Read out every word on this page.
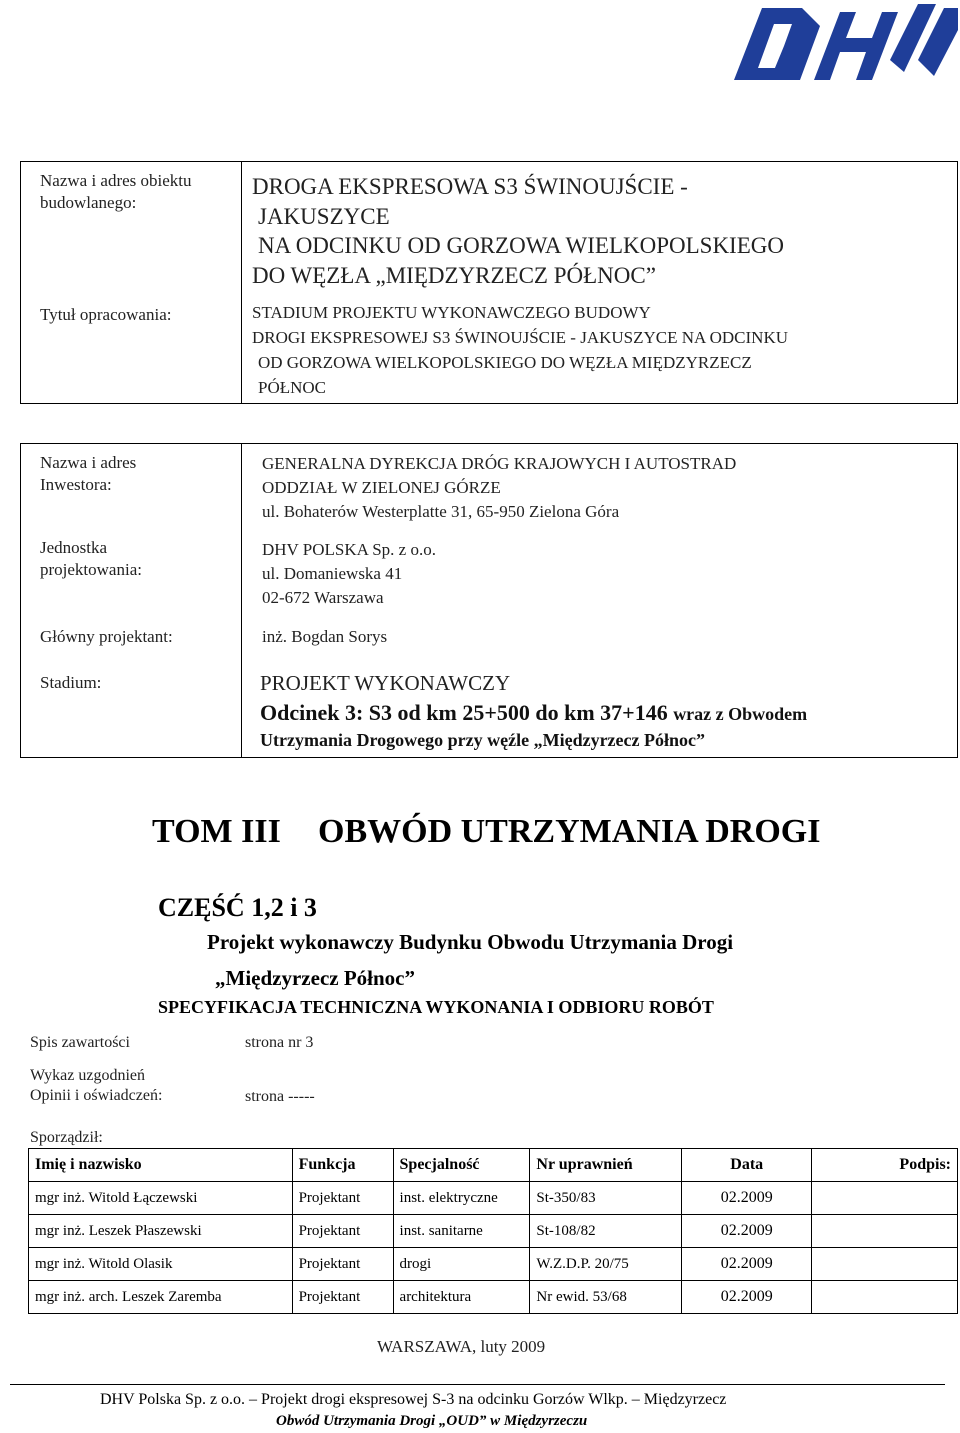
DHV
Nazwa i adres obiektu budowlanego:
DROGA EKSPRESOWA S3 ŚWINOUJŚCIE -
JAKUSZYCE
NA ODCINKU OD GORZOWA WIELKOPOLSKIEGO
DO WĘZŁA „MIĘDZYRZECZ PÓŁNOC”
Tytuł opracowania:	STADIUM PROJEKTU WYKONAWCZEGO BUDOWY
DROGI EKSPRESOWEJ S3 ŚWINOUJŚCIE - JAKUSZYCE NA ODCINKU
OD GORZOWA WIELKOPOLSKIEGO DO WĘZŁA MIĘDZYRZECZ
PÓŁNOC
Nazwa i adres Inwestora:
GENERALNA DYREKCJA DRÓG KRAJOWYCH I AUTOSTRAD
ODDZIAŁ W ZIELONEJ GÓRZE
ul. Bohaterów Westerplatte 31, 65-950 Zielona Góra
Jednostka projektowania:
DHV POLSKA Sp. z o.o.
ul. Domaniewska 41
02-672 Warszawa
Główny projektant:	inż. Bogdan Sorys
Stadium:	PROJEKT WYKONAWCZY
Odcinek 3: S3 od km 25+500 do km 37+146 wraz z Obwodem
Utrzymania Drogowego przy węźle „Międzyrzecz Północ”
TOM III OBWÓD UTRZYMANIA DROGI
CZĘŚĆ 1,2 i 3
Projekt wykonawczy Budynku Obwodu Utrzymania Drogi
„Międzyrzecz Północ”
SPECYFIKACJA TECHNICZNA WYKONANIA I ODBIORU ROBÓT
Spis zawartości	strona nr 3
Wykaz uzgodnień
Opinii i oświadczeń:	strona -----
Sporządził:
Imię i nazwisko	Funkcja	Specjalność	Nr uprawnień	Data	Podpis:
mgr inż. Witold Łączewski	Projektant	inst. elektryczne	St-350/83	02.2009	
mgr inż. Leszek Płaszewski	Projektant	inst. sanitarne	St-108/82	02.2009	
mgr inż. Witold Olasik	Projektant	drogi	W.Z.D.P. 20/75	02.2009	
mgr inż. arch. Leszek Zaremba	Projektant	architektura	Nr ewid. 53/68	02.2009	
WARSZAWA, luty 2009
DHV Polska Sp. z o.o. – Projekt drogi ekspresowej S-3 na odcinku Gorzów Wlkp. – Międzyrzecz
Obwód Utrzymania Drogi „OUD” w Międzyrzeczu
